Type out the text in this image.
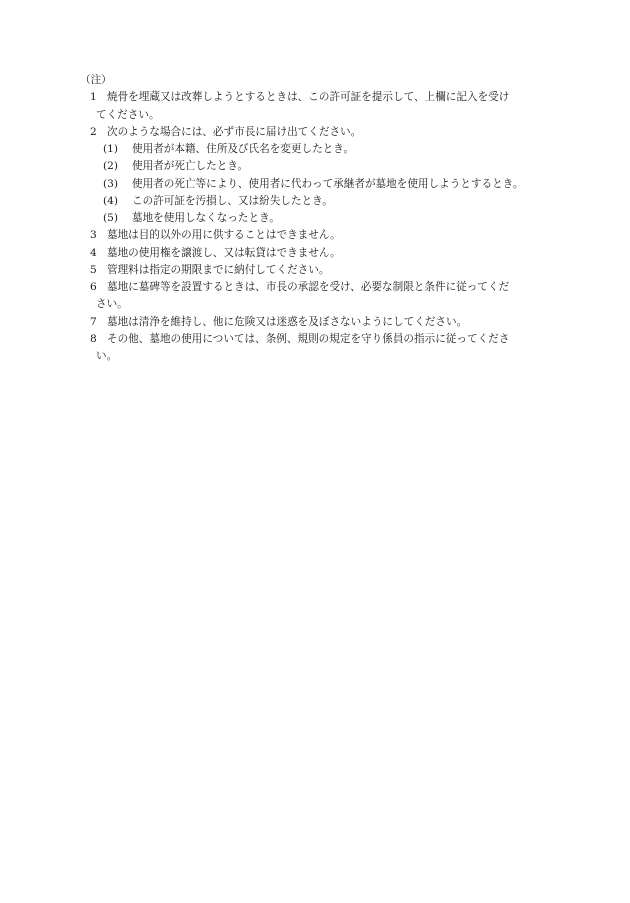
（注）
1 焼骨を埋蔵又は改葬しようとするときは、この許可証を提示して、上欄に記入を受け
てください。
2 次のような場合には、必ず市長に届け出てください。
(1) 使用者が本籍、住所及び氏名を変更したとき。
(2) 使用者が死亡したとき。
(3) 使用者の死亡等により、使用者に代わって承継者が墓地を使用しようとするとき。
(4) この許可証を汚損し、又は紛失したとき。
(5) 墓地を使用しなくなったとき。
3 墓地は目的以外の用に供することはできません。
4 墓地の使用権を譲渡し、又は転貸はできません。
5 管理料は指定の期限までに納付してください。
6 墓地に墓碑等を設置するときは、市長の承認を受け、必要な制限と条件に従ってくだ
さい。
7 墓地は清浄を維持し、他に危険又は迷惑を及ぼさないようにしてください。
8 その他、墓地の使用については、条例、規則の規定を守り係員の指示に従ってくださ
い。
